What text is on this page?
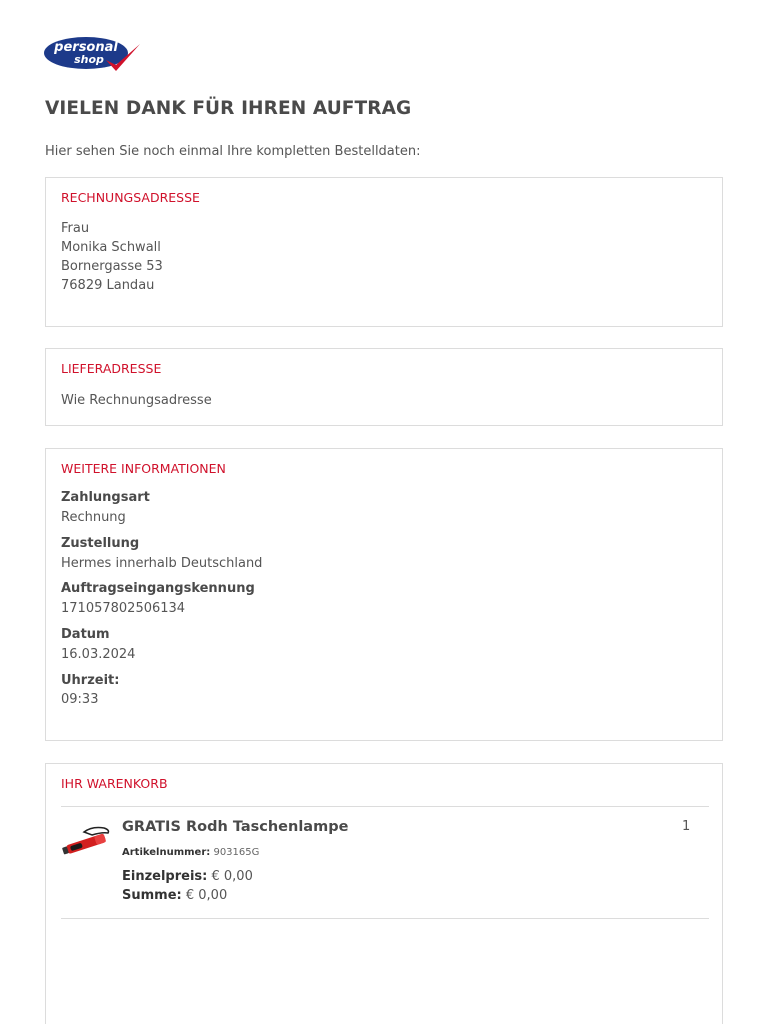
personal
shop
VIELEN DANK FÜR IHREN AUFTRAG

Hier sehen Sie noch einmal Ihre kompletten Bestelldaten:

RECHNUNGSADRESSE
Frau
Monika Schwall
Bornergasse 53
76829 Landau
LIEFERADRESSE
Wie Rechnungsadresse
WEITERE INFORMATIONEN
Zahlungsart
Rechnung
Zustellung
Hermes innerhalb Deutschland
Auftragseingangskennung
171057802506134
Datum
16.03.2024
Uhrzeit:
09:33
IHR WARENKORB
GRATIS Rodh Taschenlampe	1
Artikelnummer: 903165G
Einzelpreis: € 0,00
Summe: € 0,00
